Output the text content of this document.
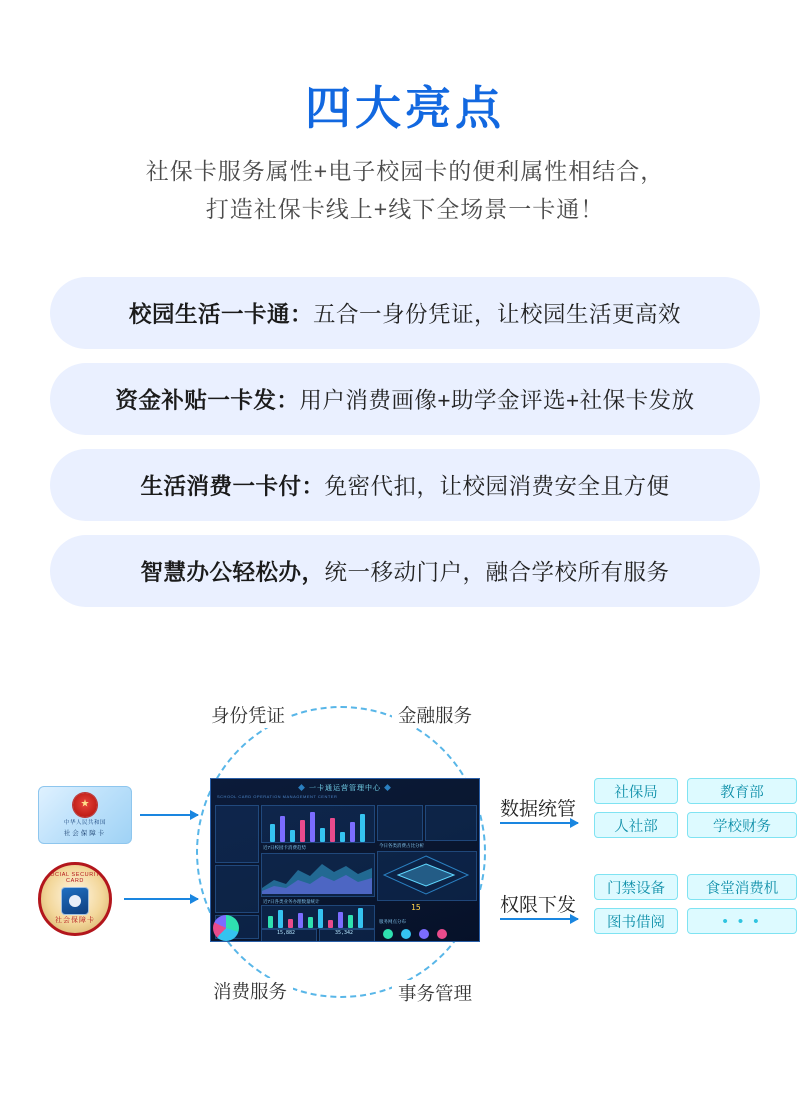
四大亮点
社保卡服务属性+电子校园卡的便利属性相结合，
打造社保卡线上+线下全场景一卡通！
校园生活一卡通： 五合一身份凭证，让校园生活更高效
资金补贴一卡发： 用户消费画像+助学金评选+社保卡发放
生活消费一卡付： 免密代扣，让校园消费安全且方便
智慧办公轻松办， 统一移动门户，融合学校所有服务
身份凭证	金融服务
消费服务	事务管理
★
中华人民共和国
社会保障卡
SOCIAL SECURITY CARD
社会保障卡
◆ 一卡通运营管理中心 ◆
SCHOOL CARD OPERATION MANAGEMENT CENTER
近7日校园卡消费趋势
近7日各类业务办理数量统计
15,882	35,342
今日各类消费占比分析
15
服务网点分布
数据统管
社保局	教育部
人社部	学校财务
权限下发
门禁设备	食堂消费机
图书借阅	• • •
